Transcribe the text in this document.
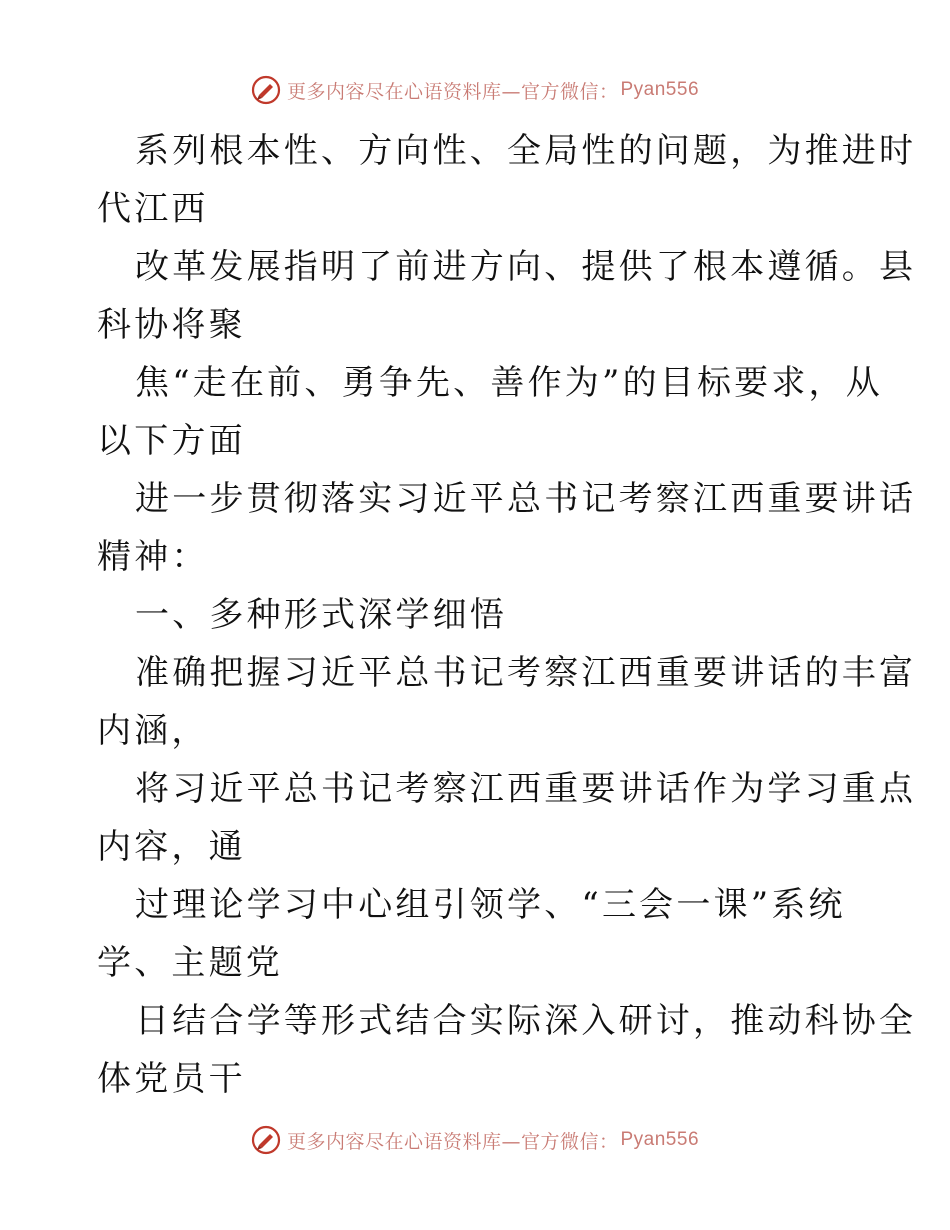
更多内容尽在心语资料库—官方微信： Pyan556
系列根本性、方向性、全局性的问题，为推进时
代江西
改革发展指明了前进方向、提供了根本遵循。县
科协将聚
焦“走在前、勇争先、善作为”的目标要求，从
以下方面
进一步贯彻落实习近平总书记考察江西重要讲话
精神：
一、多种形式深学细悟
准确把握习近平总书记考察江西重要讲话的丰富
内涵，
将习近平总书记考察江西重要讲话作为学习重点
内容，通
过理论学习中心组引领学、“三会一课”系统
学、主题党
日结合学等形式结合实际深入研讨，推动科协全
体党员干
更多内容尽在心语资料库—官方微信： Pyan556
